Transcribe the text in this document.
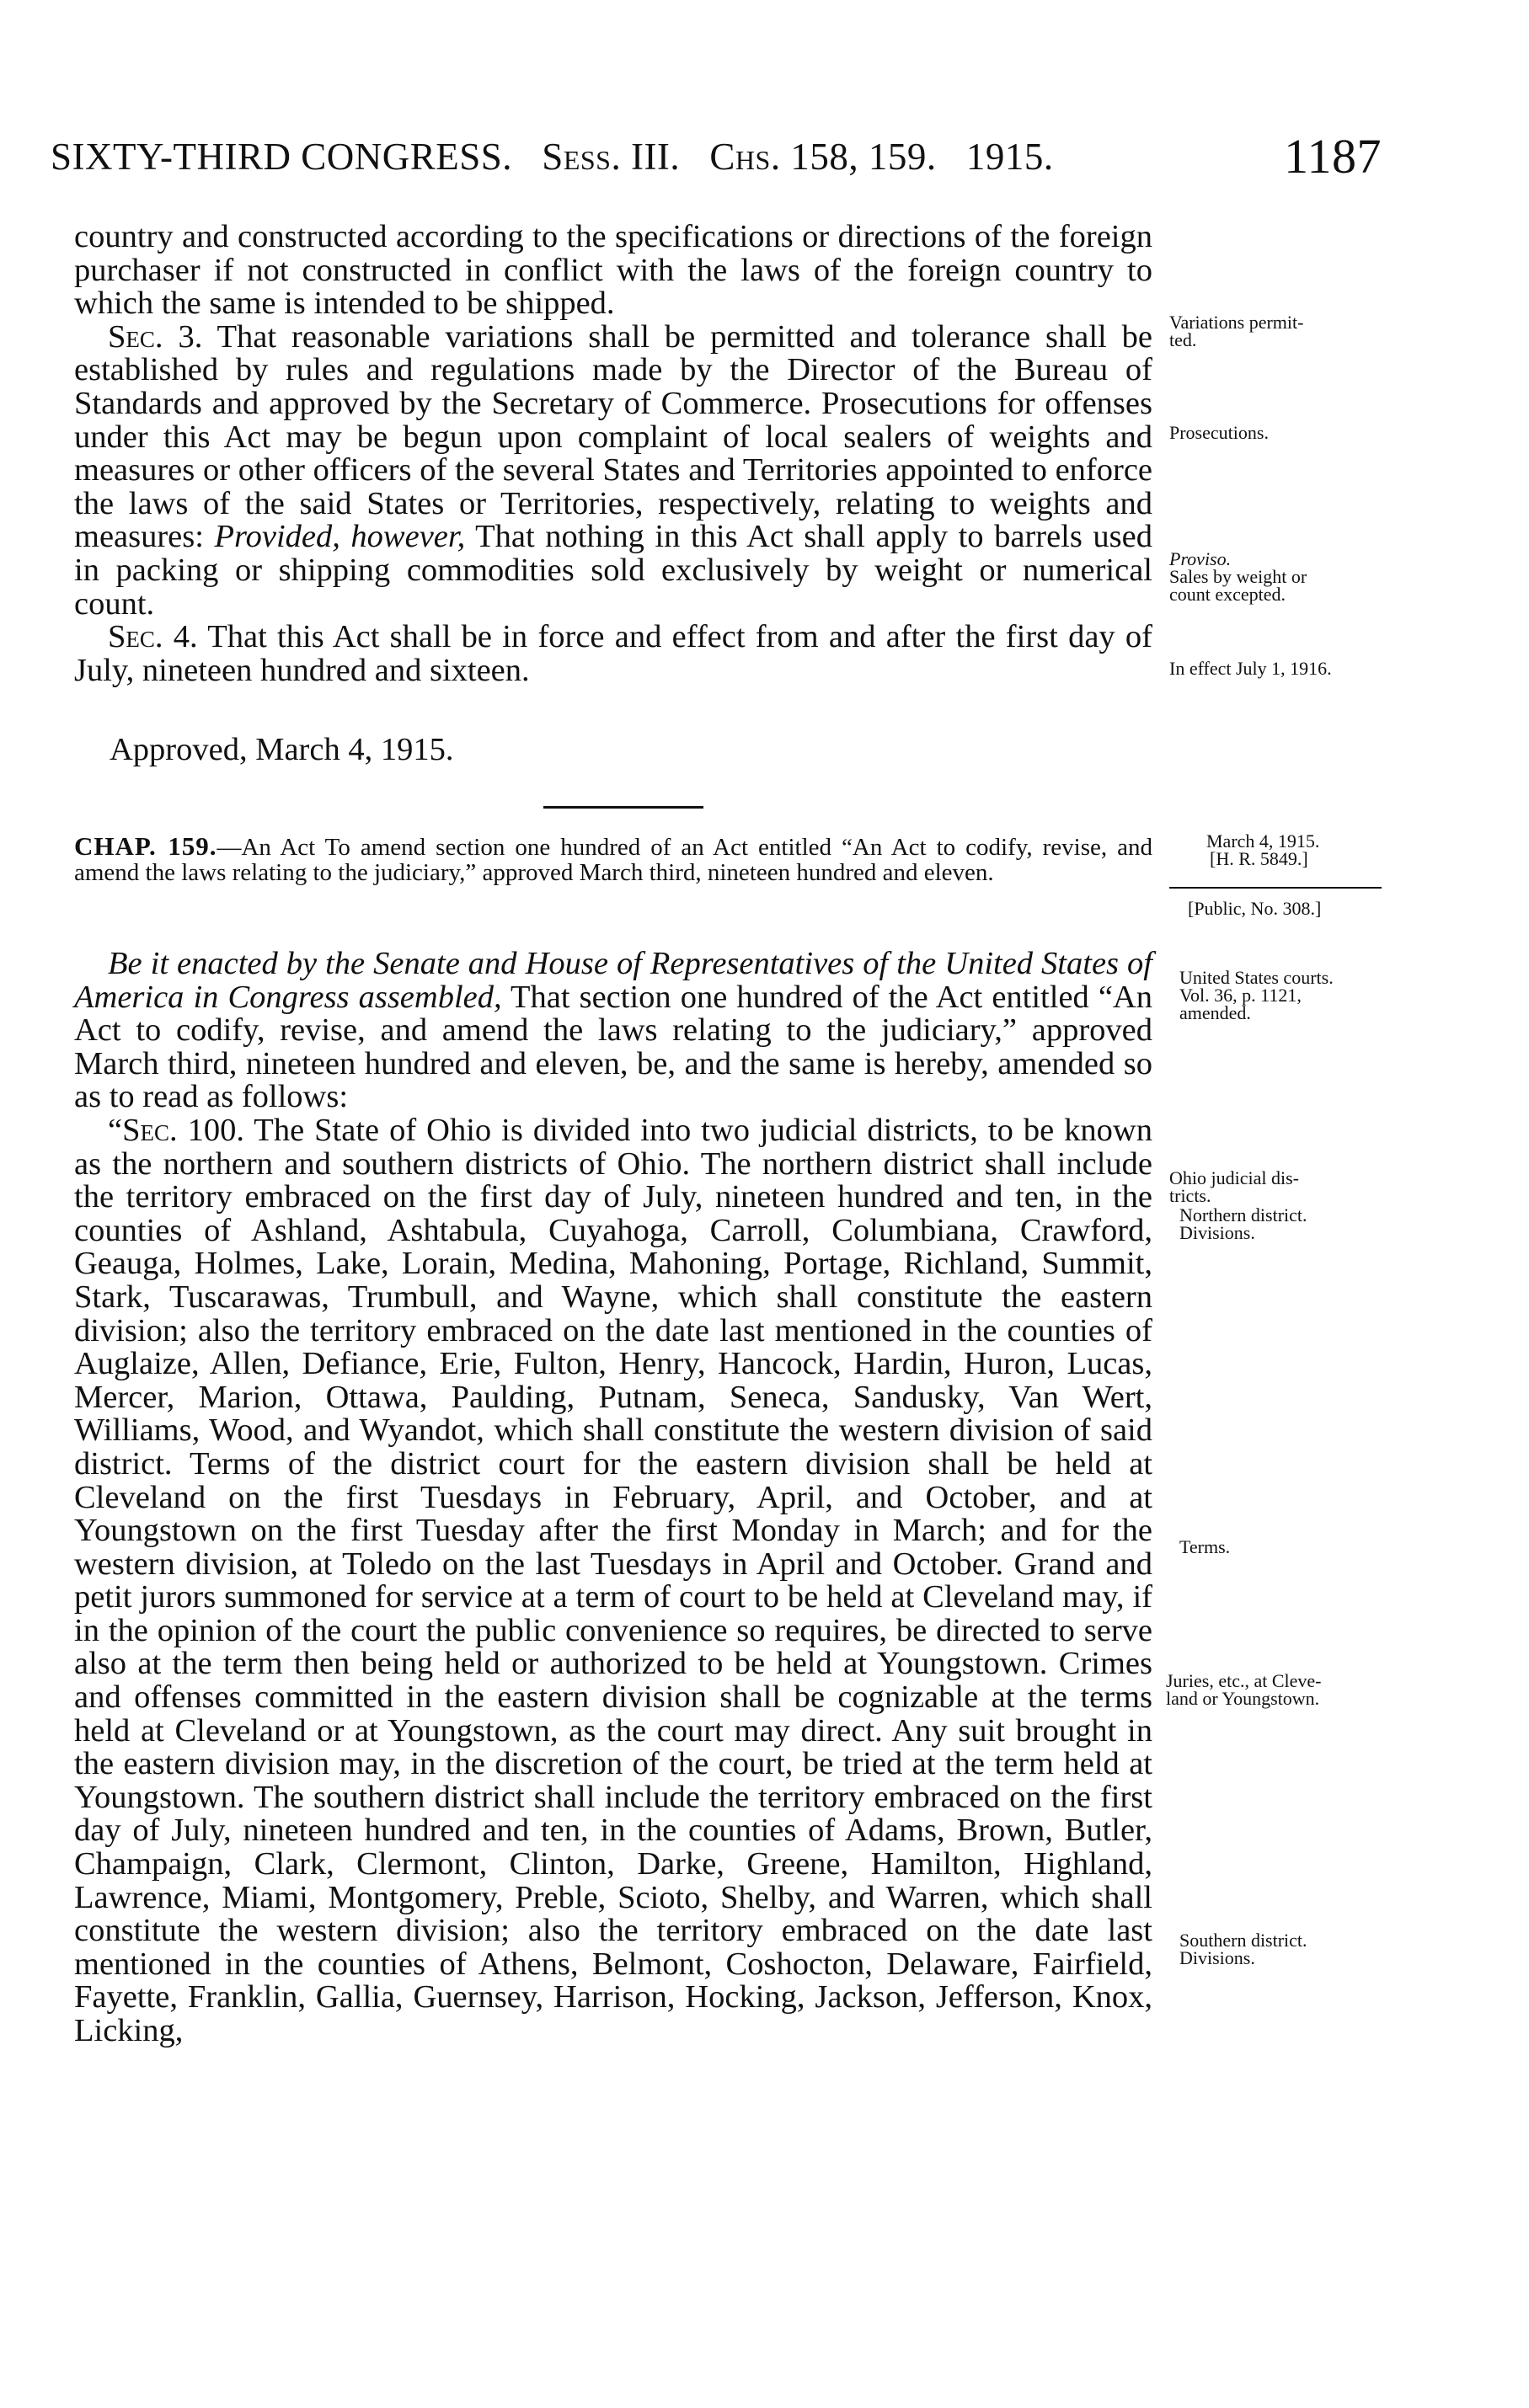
SIXTY-THIRD CONGRESS. Sess. III. Chs. 158, 159. 1915.	1187

country and constructed according to the specifications or directions of the foreign purchaser if not constructed in conflict with the laws of the foreign country to which the same is intended to be shipped.

Sec. 3. That reasonable variations shall be permitted and tolerance shall be established by rules and regulations made by the Director of the Bureau of Standards and approved by the Secretary of Commerce. Prosecutions for offenses under this Act may be begun upon complaint of local sealers of weights and measures or other officers of the several States and Territories appointed to enforce the laws of the said States or Territories, respectively, relating to weights and measures: Provided, however, That nothing in this Act shall apply to barrels used in packing or shipping commodities sold exclusively by weight or numerical count.

Sec. 4. That this Act shall be in force and effect from and after the first day of July, nineteen hundred and sixteen.

Approved, March 4, 1915.
CHAP. 159.—An Act To amend section one hundred of an Act entitled “An Act to codify, revise, and amend the laws relating to the judiciary,” approved March third, nineteen hundred and eleven.

Be it enacted by the Senate and House of Representatives of the United States of America in Congress assembled, That section one hundred of the Act entitled “An Act to codify, revise, and amend the laws relating to the judiciary,” approved March third, nineteen hundred and eleven, be, and the same is hereby, amended so as to read as follows:

“Sec. 100. The State of Ohio is divided into two judicial districts, to be known as the northern and southern districts of Ohio. The northern district shall include the territory embraced on the first day of July, nineteen hundred and ten, in the counties of Ashland, Ashtabula, Cuyahoga, Carroll, Columbiana, Crawford, Geauga, Holmes, Lake, Lorain, Medina, Mahoning, Portage, Richland, Summit, Stark, Tuscarawas, Trumbull, and Wayne, which shall constitute the eastern division; also the territory embraced on the date last mentioned in the counties of Auglaize, Allen, Defiance, Erie, Fulton, Henry, Hancock, Hardin, Huron, Lucas, Mercer, Marion, Ottawa, Paulding, Putnam, Seneca, Sandusky, Van Wert, Williams, Wood, and Wyandot, which shall constitute the western division of said district. Terms of the district court for the eastern division shall be held at Cleveland on the first Tuesdays in February, April, and October, and at Youngstown on the first Tuesday after the first Monday in March; and for the western division, at Toledo on the last Tuesdays in April and October. Grand and petit jurors summoned for service at a term of court to be held at Cleveland may, if in the opinion of the court the public convenience so requires, be directed to serve also at the term then being held or authorized to be held at Youngstown. Crimes and offenses committed in the eastern division shall be cognizable at the terms held at Cleveland or at Youngstown, as the court may direct. Any suit brought in the eastern division may, in the discretion of the court, be tried at the term held at Youngstown. The southern district shall include the territory embraced on the first day of July, nineteen hundred and ten, in the counties of Adams, Brown, Butler, Champaign, Clark, Clermont, Clinton, Darke, Greene, Hamilton, Highland, Lawrence, Miami, Montgomery, Preble, Scioto, Shelby, and Warren, which shall constitute the western division; also the territory embraced on the date last mentioned in the counties of Athens, Belmont, Coshocton, Delaware, Fairfield, Fayette, Franklin, Gallia, Guernsey, Harrison, Hocking, Jackson, Jefferson, Knox, Licking,

Variations permit-
ted.
Prosecutions.
Proviso.
Sales by weight or
count excepted.
In effect July 1, 1916.
March 4, 1915.
[H. R. 5849.]
[Public, No. 308.]
United States courts.
Vol. 36, p. 1121,
amended.
Ohio judicial dis-
tricts.
Northern district.
Divisions.
Terms.
Juries, etc., at Cleve-
land or Youngstown.
Southern district.
Divisions.
